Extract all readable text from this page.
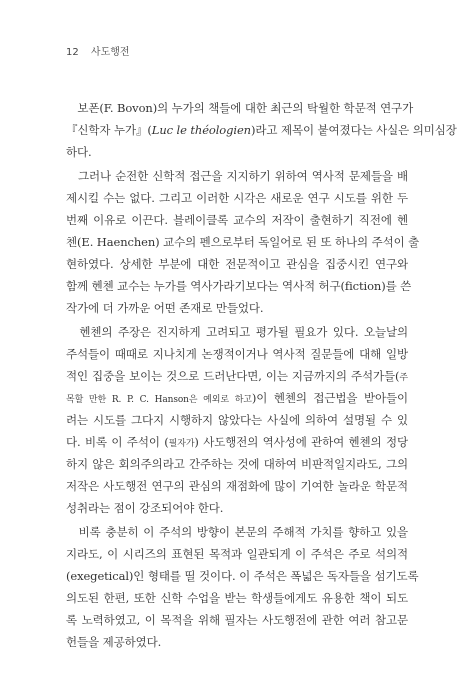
12 사도행전
　보폰(F. Bovon)의 누가의 책들에 대한 최근의 탁월한 학문적 연구가
『신학자 누가』(Luc le théologien)라고 제목이 붙여졌다는 사실은 의미심장
하다.
　그러나 순전한 신학적 접근을 지지하기 위하여 역사적 문제들을 배
제시킬 수는 없다. 그리고 이러한 시각은 새로운 연구 시도를 위한 두
번째 이유로 이끈다. 블레이클록 교수의 저작이 출현하기 직전에 헨
첸(E. Haenchen) 교수의 펜으로부터 독일어로 된 또 하나의 주석이 출
현하였다. 상세한 부분에 대한 전문적이고 관심을 집중시킨 연구와
함께 헨첸 교수는 누가를 역사가라기보다는 역사적 허구(fiction)를 쓴
작가에 더 가까운 어떤 존재로 만들었다.
　헨첸의 주장은 진지하게 고려되고 평가될 필요가 있다. 오늘날의
주석들이 때때로 지나치게 논쟁적이거나 역사적 질문들에 대해 일방
적인 집중을 보이는 것으로 드러난다면, 이는 지금까지의 주석가들(주
목할 만한 R. P. C. Hanson은 예외로 하고)이 헨첸의 접근법을 받아들이
려는 시도를 그다지 시행하지 않았다는 사실에 의하여 설명될 수 있
다. 비록 이 주석이 (필자가) 사도행전의 역사성에 관하여 헨첸의 정당
하지 않은 회의주의라고 간주하는 것에 대하여 비판적일지라도, 그의
저작은 사도행전 연구의 관심의 재점화에 많이 기여한 놀라운 학문적
성취라는 점이 강조되어야 한다.
　비록 충분히 이 주석의 방향이 본문의 주해적 가치를 향하고 있을
지라도, 이 시리즈의 표현된 목적과 일관되게 이 주석은 주로 석의적
(exegetical)인 형태를 띨 것이다. 이 주석은 폭넓은 독자들을 섬기도록
의도된 한편, 또한 신학 수업을 받는 학생들에게도 유용한 책이 되도
록 노력하였고, 이 목적을 위해 필자는 사도행전에 관한 여러 참고문
헌들을 제공하였다.
